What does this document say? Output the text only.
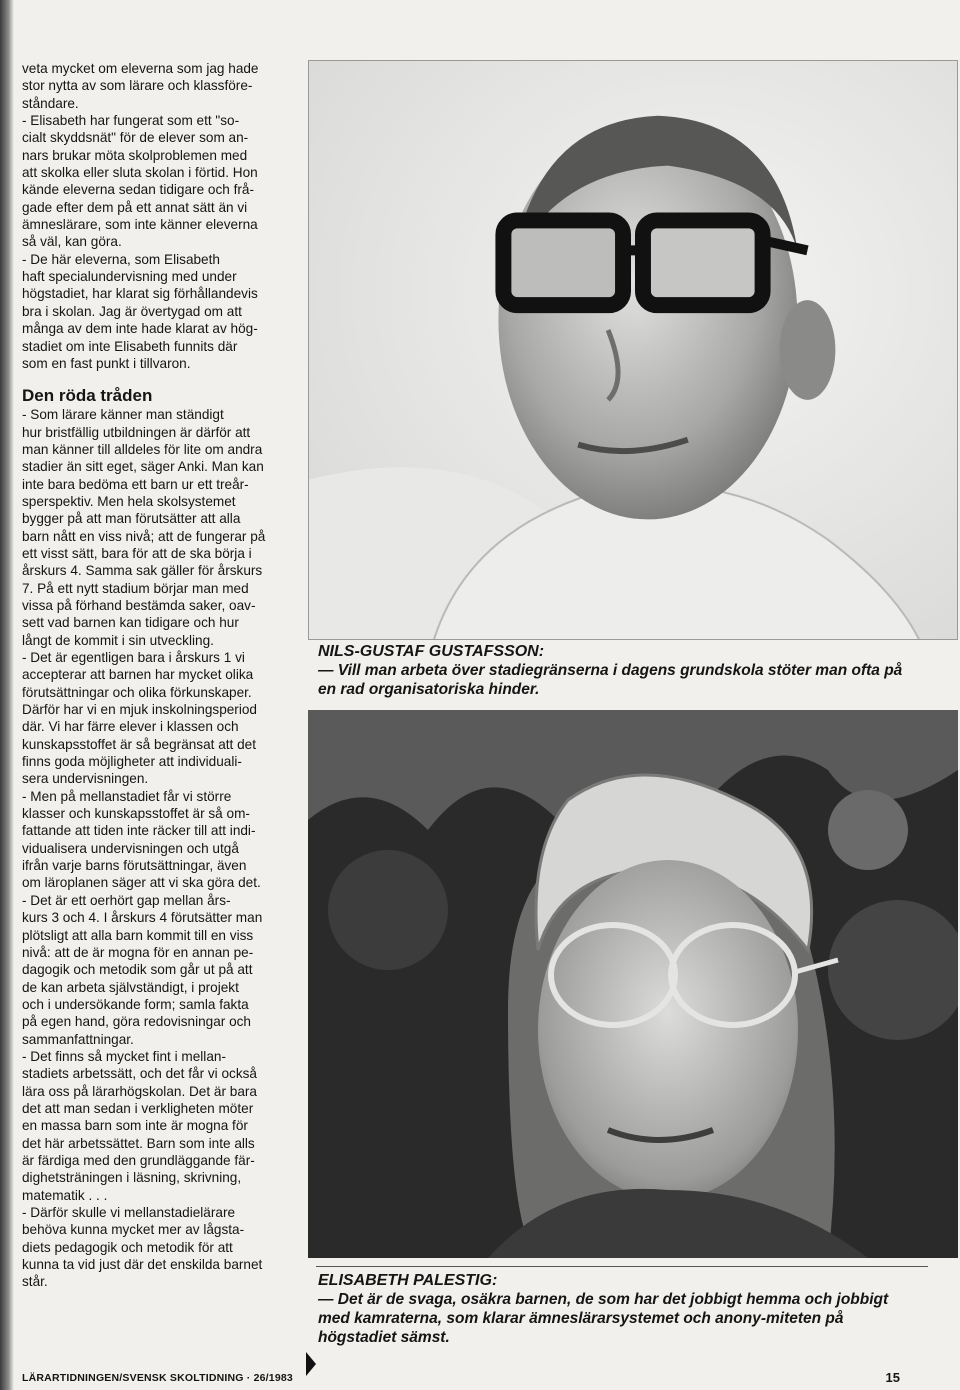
veta mycket om eleverna som jag hade
stor nytta av som lärare och klassföre-
ståndare.

- Elisabeth har fungerat som ett "so-
cialt skyddsnät" för de elever som an-
nars brukar möta skolproblemen med
att skolka eller sluta skolan i förtid. Hon
kände eleverna sedan tidigare och frå-
gade efter dem på ett annat sätt än vi
ämneslärare, som inte känner eleverna
så väl, kan göra.

- De här eleverna, som Elisabeth
haft specialundervisning med under
högstadiet, har klarat sig förhållandevis
bra i skolan. Jag är övertygad om att
många av dem inte hade klarat av hög-
stadiet om inte Elisabeth funnits där
som en fast punkt i tillvaron.

Den röda tråden

- Som lärare känner man ständigt
hur bristfällig utbildningen är därför att
man känner till alldeles för lite om andra
stadier än sitt eget, säger Anki. Man kan
inte bara bedöma ett barn ur ett treår-
sperspektiv. Men hela skolsystemet
bygger på att man förutsätter att alla
barn nått en viss nivå; att de fungerar på
ett visst sätt, bara för att de ska börja i
årskurs 4. Samma sak gäller för årskurs
7. På ett nytt stadium börjar man med
vissa på förhand bestämda saker, oav-
sett vad barnen kan tidigare och hur
långt de kommit i sin utveckling.

- Det är egentligen bara i årskurs 1 vi
accepterar att barnen har mycket olika
förutsättningar och olika förkunskaper.
Därför har vi en mjuk inskolningsperiod
där. Vi har färre elever i klassen och
kunskapsstoffet är så begränsat att det
finns goda möjligheter att individuali-
sera undervisningen.

- Men på mellanstadiet får vi större
klasser och kunskapsstoffet är så om-
fattande att tiden inte räcker till att indi-
vidualisera undervisningen och utgå
ifrån varje barns förutsättningar, även
om läroplanen säger att vi ska göra det.

- Det är ett oerhört gap mellan års-
kurs 3 och 4. I årskurs 4 förutsätter man
plötsligt att alla barn kommit till en viss
nivå: att de är mogna för en annan pe-
dagogik och metodik som går ut på att
de kan arbeta självständigt, i projekt
och i undersökande form; samla fakta
på egen hand, göra redovisningar och
sammanfattningar.

- Det finns så mycket fint i mellan-
stadiets arbetssätt, och det får vi också
lära oss på lärarhögskolan. Det är bara
det att man sedan i verkligheten möter
en massa barn som inte är mogna för
det här arbetssättet. Barn som inte alls
är färdiga med den grundläggande fär-
dighetsträningen i läsning, skrivning,
matematik . . .

- Därför skulle vi mellanstadielärare
behöva kunna mycket mer av lågsta-
diets pedagogik och metodik för att
kunna ta vid just där det enskilda barnet
står.

NILS-GUSTAF GUSTAFSSON:
— Vill man arbeta över stadiegränserna i dagens grundskola stöter man ofta på en rad organisatoriska hinder.
ELISABETH PALESTIG:
— Det är de svaga, osäkra barnen, de som har det jobbigt hemma och jobbigt med kamraterna, som klarar ämneslärarsystemet och anony-miteten på högstadiet sämst.
LÄRARTIDNINGEN/SVENSK SKOLTIDNING · 26/1983	15
